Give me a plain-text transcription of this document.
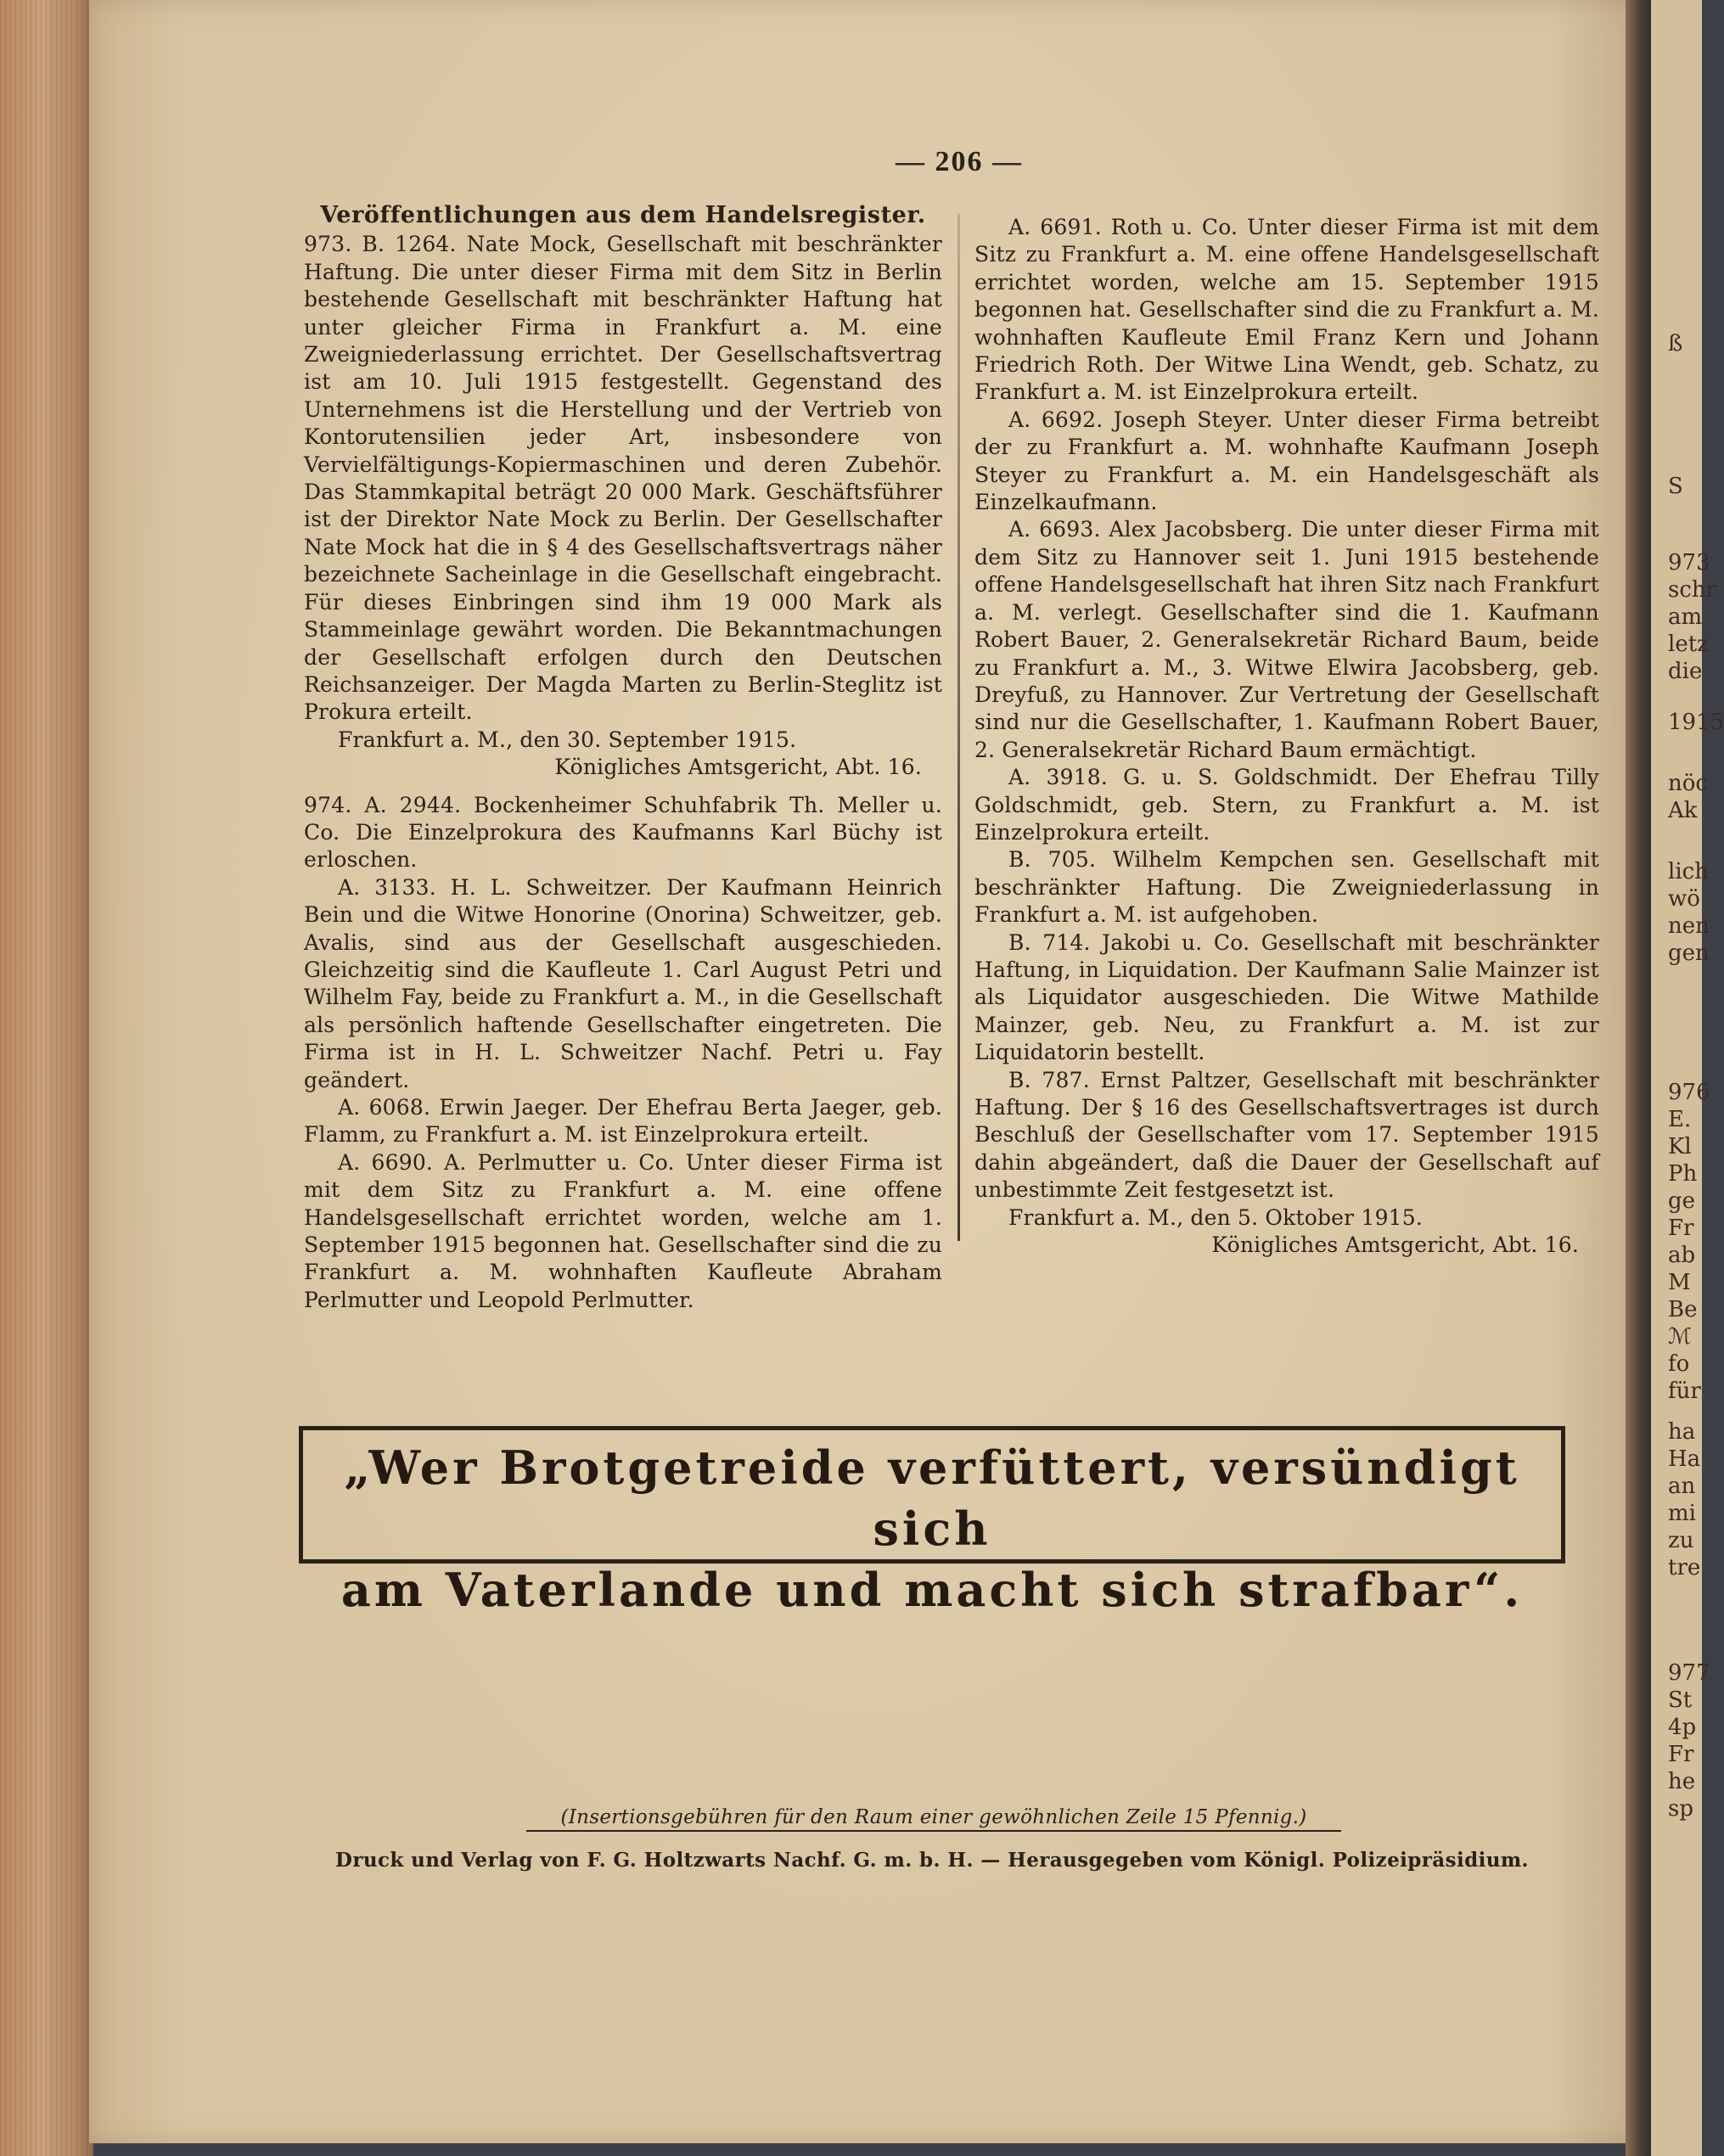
ß
S
973
schr
am
letz
die
1915
nöc
Ak
lich
wö
nen
gen
976
E.
Kl
Ph
ge
Fr
ab
M
Be
ℳ
fo
für
ha
Ha
an
mi
zu
tre
977
St
4p
Fr
he
sp
— 206 —

Veröffentlichungen aus dem Handelsregister.

973. B. 1264. Nate Mock, Gesellschaft mit beschränkter Haftung. Die unter dieser Firma mit dem Sitz in Berlin bestehende Gesellschaft mit beschränkter Haftung hat unter gleicher Firma in Frankfurt a. M. eine Zweigniederlassung errichtet. Der Gesellschaftsvertrag ist am 10. Juli 1915 festgestellt. Gegenstand des Unternehmens ist die Herstellung und der Vertrieb von Kontorutensilien jeder Art, insbesondere von Vervielfältigungs-Kopiermaschinen und deren Zubehör. Das Stammkapital beträgt 20 000 Mark. Geschäftsführer ist der Direktor Nate Mock zu Berlin. Der Gesellschafter Nate Mock hat die in § 4 des Gesellschaftsvertrags näher bezeichnete Sacheinlage in die Gesellschaft eingebracht. Für dieses Einbringen sind ihm 19 000 Mark als Stammeinlage gewährt worden. Die Bekanntmachungen der Gesellschaft erfolgen durch den Deutschen Reichsanzeiger. Der Magda Marten zu Berlin-Steglitz ist Prokura erteilt.

Frankfurt a. M., den 30. September 1915.

Königliches Amtsgericht, Abt. 16.

974. A. 2944. Bockenheimer Schuhfabrik Th. Meller u. Co. Die Einzelprokura des Kaufmanns Karl Büchy ist erloschen.

A. 3133. H. L. Schweitzer. Der Kaufmann Heinrich Bein und die Witwe Honorine (Onorina) Schweitzer, geb. Avalis, sind aus der Gesellschaft ausgeschieden. Gleichzeitig sind die Kaufleute 1. Carl August Petri und Wilhelm Fay, beide zu Frankfurt a. M., in die Gesellschaft als persönlich haftende Gesellschafter eingetreten. Die Firma ist in H. L. Schweitzer Nachf. Petri u. Fay geändert.

A. 6068. Erwin Jaeger. Der Ehefrau Berta Jaeger, geb. Flamm, zu Frankfurt a. M. ist Einzelprokura erteilt.

A. 6690. A. Perlmutter u. Co. Unter dieser Firma ist mit dem Sitz zu Frankfurt a. M. eine offene Handelsgesellschaft errichtet worden, welche am 1. September 1915 begonnen hat. Gesellschafter sind die zu Frankfurt a. M. wohnhaften Kaufleute Abraham Perlmutter und Leopold Perlmutter.

A. 6691. Roth u. Co. Unter dieser Firma ist mit dem Sitz zu Frankfurt a. M. eine offene Handelsgesellschaft errichtet worden, welche am 15. September 1915 begonnen hat. Gesellschafter sind die zu Frankfurt a. M. wohnhaften Kaufleute Emil Franz Kern und Johann Friedrich Roth. Der Witwe Lina Wendt, geb. Schatz, zu Frankfurt a. M. ist Einzelprokura erteilt.

A. 6692. Joseph Steyer. Unter dieser Firma betreibt der zu Frankfurt a. M. wohnhafte Kaufmann Joseph Steyer zu Frankfurt a. M. ein Handelsgeschäft als Einzelkaufmann.

A. 6693. Alex Jacobsberg. Die unter dieser Firma mit dem Sitz zu Hannover seit 1. Juni 1915 bestehende offene Handelsgesellschaft hat ihren Sitz nach Frankfurt a. M. verlegt. Gesellschafter sind die 1. Kaufmann Robert Bauer, 2. Generalsekretär Richard Baum, beide zu Frankfurt a. M., 3. Witwe Elwira Jacobsberg, geb. Dreyfuß, zu Hannover. Zur Vertretung der Gesellschaft sind nur die Gesellschafter, 1. Kaufmann Robert Bauer, 2. Generalsekretär Richard Baum ermächtigt.

A. 3918. G. u. S. Goldschmidt. Der Ehefrau Tilly Goldschmidt, geb. Stern, zu Frankfurt a. M. ist Einzelprokura erteilt.

B. 705. Wilhelm Kempchen sen. Gesellschaft mit beschränkter Haftung. Die Zweigniederlassung in Frankfurt a. M. ist aufgehoben.

B. 714. Jakobi u. Co. Gesellschaft mit beschränkter Haftung, in Liquidation. Der Kaufmann Salie Mainzer ist als Liquidator ausgeschieden. Die Witwe Mathilde Mainzer, geb. Neu, zu Frankfurt a. M. ist zur Liquidatorin bestellt.

B. 787. Ernst Paltzer, Gesellschaft mit beschränkter Haftung. Der § 16 des Gesellschaftsvertrages ist durch Beschluß der Gesellschafter vom 17. September 1915 dahin abgeändert, daß die Dauer der Gesellschaft auf unbestimmte Zeit festgesetzt ist.

Frankfurt a. M., den 5. Oktober 1915.

Königliches Amtsgericht, Abt. 16.

„Wer Brotgetreide verfüttert, versündigt sich
am Vaterlande und macht sich strafbar“.
(Insertionsgebühren für den Raum einer gewöhnlichen Zeile 15 Pfennig.)
Druck und Verlag von F. G. Holtzwarts Nachf. G. m. b. H. — Herausgegeben vom Königl. Polizeipräsidium.
